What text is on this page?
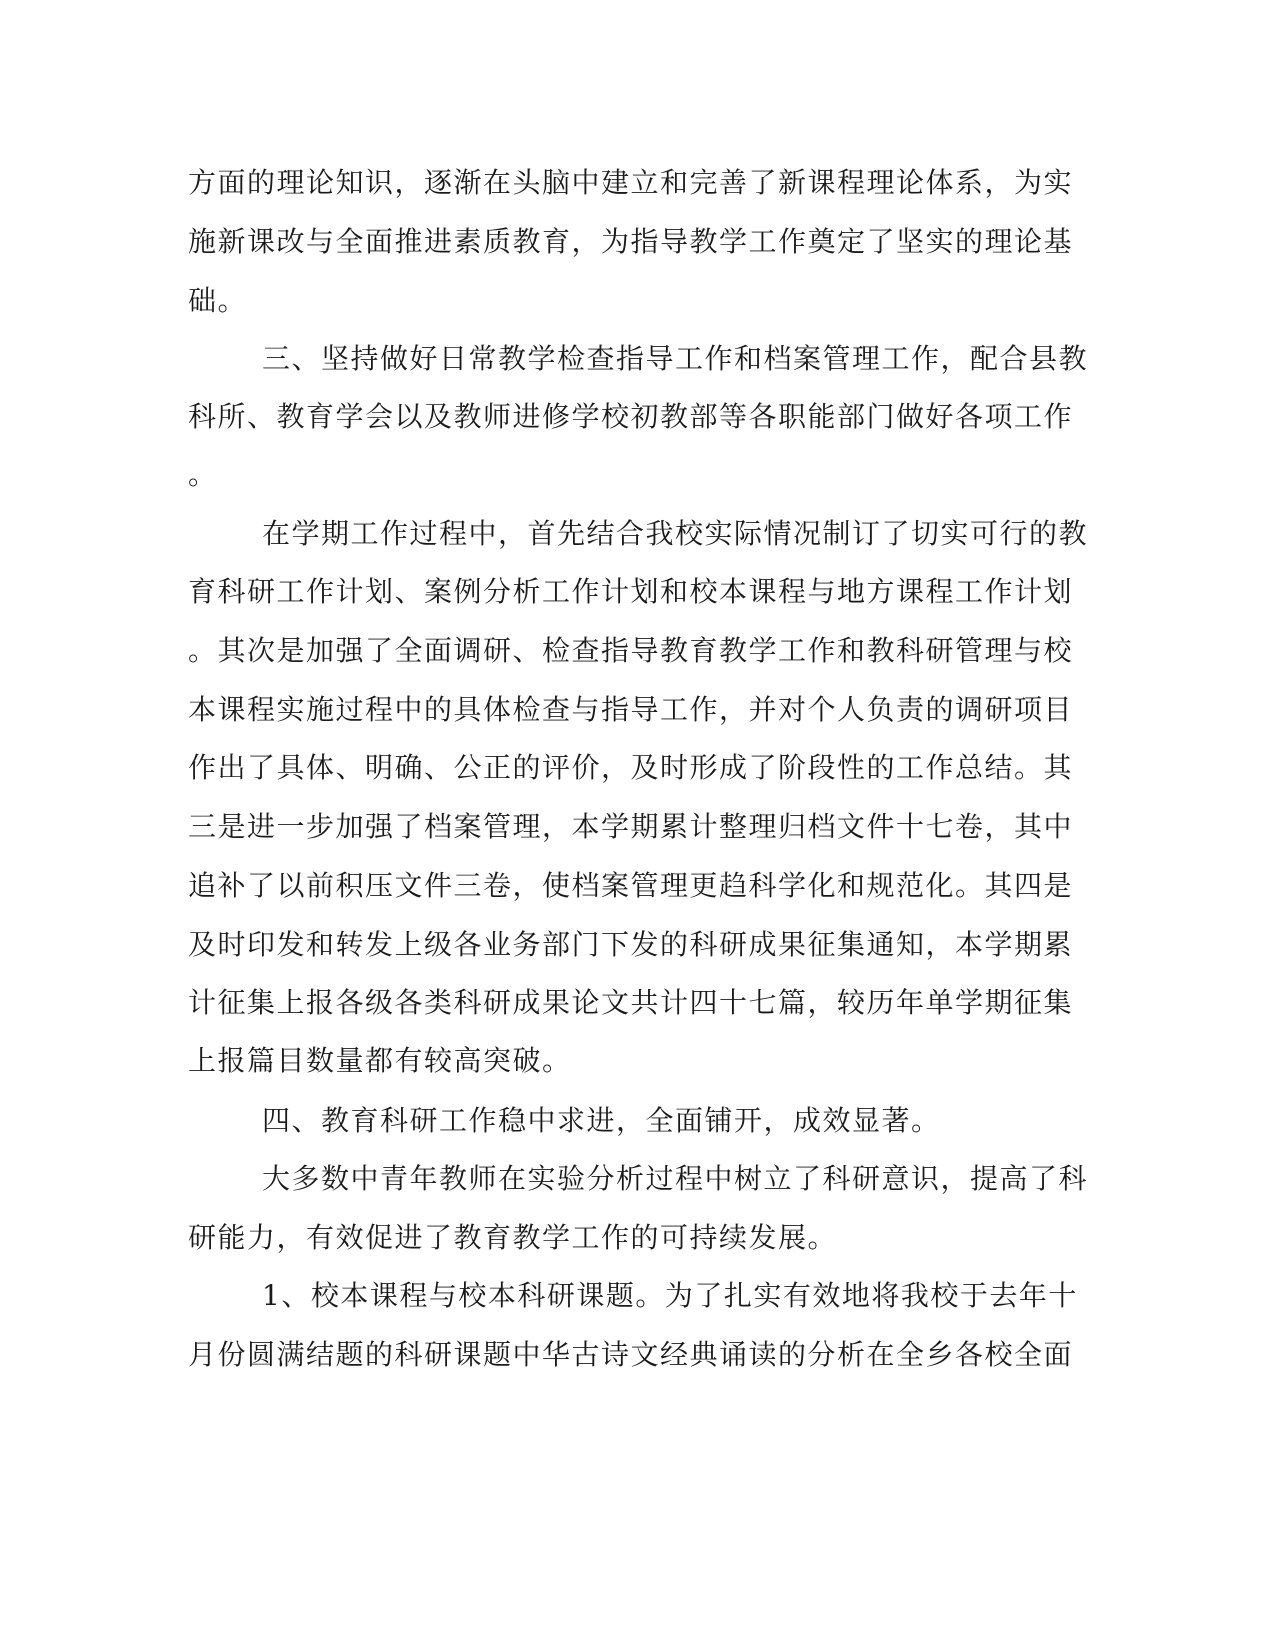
方面的理论知识，逐渐在头脑中建立和完善了新课程理论体系，为实
施新课改与全面推进素质教育，为指导教学工作奠定了坚实的理论基
础。
三、坚持做好日常教学检查指导工作和档案管理工作，配合县教
科所、教育学会以及教师进修学校初教部等各职能部门做好各项工作
。
在学期工作过程中，首先结合我校实际情况制订了切实可行的教
育科研工作计划、案例分析工作计划和校本课程与地方课程工作计划
。其次是加强了全面调研、检查指导教育教学工作和教科研管理与校
本课程实施过程中的具体检查与指导工作，并对个人负责的调研项目
作出了具体、明确、公正的评价，及时形成了阶段性的工作总结。其
三是进一步加强了档案管理，本学期累计整理归档文件十七卷，其中
追补了以前积压文件三卷，使档案管理更趋科学化和规范化。其四是
及时印发和转发上级各业务部门下发的科研成果征集通知，本学期累
计征集上报各级各类科研成果论文共计四十七篇，较历年单学期征集
上报篇目数量都有较高突破。
四、教育科研工作稳中求进，全面铺开，成效显著。
大多数中青年教师在实验分析过程中树立了科研意识，提高了科
研能力，有效促进了教育教学工作的可持续发展。
1、校本课程与校本科研课题。为了扎实有效地将我校于去年十
月份圆满结题的科研课题中华古诗文经典诵读的分析在全乡各校全面
